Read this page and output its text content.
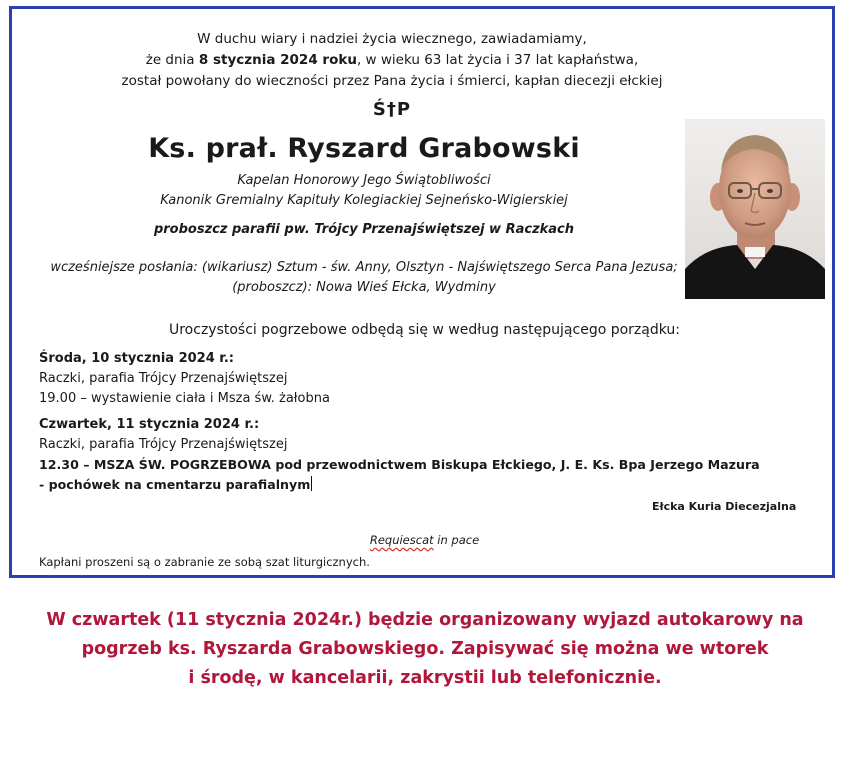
W duchu wiary i nadziei życia wiecznego, zawiadamiamy,
że dnia 8 stycznia 2024 roku, w wieku 63 lat życia i 37 lat kapłaństwa,
został powołany do wieczności przez Pana życia i śmierci, kapłan diecezji ełckiej
Ś†P
Ks. prał. Ryszard Grabowski
Kapelan Honorowy Jego Świątobliwości
Kanonik Gremialny Kapituły Kolegiackiej Sejneńsko-Wigierskiej
proboszcz parafii pw. Trójcy Przenajświętszej w Raczkach
wcześniejsze posłania: (wikariusz) Sztum - św. Anny, Olsztyn - Najświętszego Serca Pana Jezusa;
(proboszcz): Nowa Wieś Ełcka, Wydminy
Uroczystości pogrzebowe odbędą się w według następującego porządku:
Środa, 10 stycznia 2024 r.:
Raczki, parafia Trójcy Przenajświętszej
19.00 – wystawienie ciała i Msza św. żałobna
Czwartek, 11 stycznia 2024 r.:
Raczki, parafia Trójcy Przenajświętszej
12.30 – MSZA ŚW. POGRZEBOWA pod przewodnictwem Biskupa Ełckiego, J. E. Ks. Bpa Jerzego Mazura
- pochówek na cmentarzu parafialnym
Ełcka Kuria Diecezjalna
Requiescat in pace
Kapłani proszeni są o zabranie ze sobą szat liturgicznych.
W czwartek (11 stycznia 2024r.) będzie organizowany wyjazd autokarowy na
pogrzeb ks. Ryszarda Grabowskiego. Zapisywać się można we wtorek
i środę, w kancelarii, zakrystii lub telefonicznie.
